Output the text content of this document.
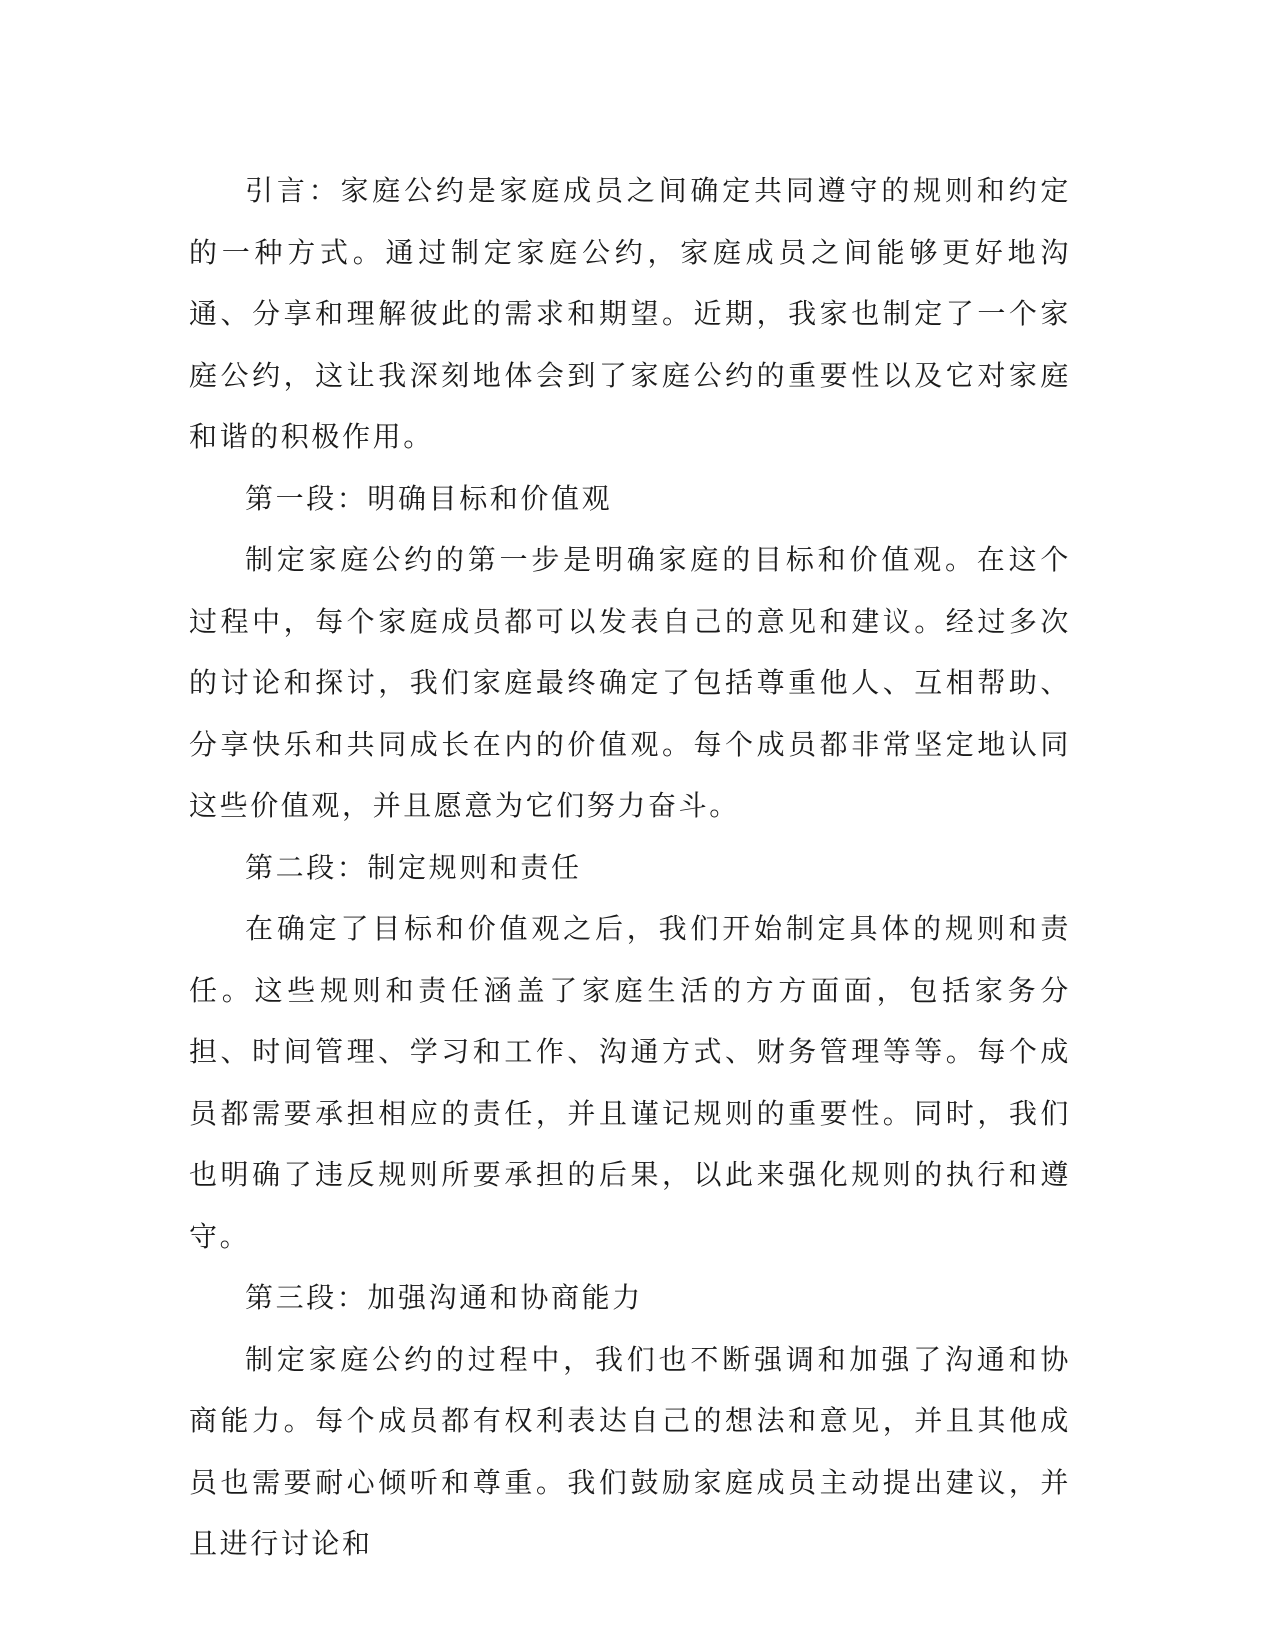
引言：家庭公约是家庭成员之间确定共同遵守的规则和约定的一种方式。通过制定家庭公约，家庭成员之间能够更好地沟通、分享和理解彼此的需求和期望。近期，我家也制定了一个家庭公约，这让我深刻地体会到了家庭公约的重要性以及它对家庭和谐的积极作用。

第一段：明确目标和价值观

制定家庭公约的第一步是明确家庭的目标和价值观。在这个过程中，每个家庭成员都可以发表自己的意见和建议。经过多次的讨论和探讨，我们家庭最终确定了包括尊重他人、互相帮助、分享快乐和共同成长在内的价值观。每个成员都非常坚定地认同这些价值观，并且愿意为它们努力奋斗。

第二段：制定规则和责任

在确定了目标和价值观之后，我们开始制定具体的规则和责任。这些规则和责任涵盖了家庭生活的方方面面，包括家务分担、时间管理、学习和工作、沟通方式、财务管理等等。每个成员都需要承担相应的责任，并且谨记规则的重要性。同时，我们也明确了违反规则所要承担的后果，以此来强化规则的执行和遵守。

第三段：加强沟通和协商能力

制定家庭公约的过程中，我们也不断强调和加强了沟通和协商能力。每个成员都有权利表达自己的想法和意见，并且其他成员也需要耐心倾听和尊重。我们鼓励家庭成员主动提出建议，并且进行讨论和
